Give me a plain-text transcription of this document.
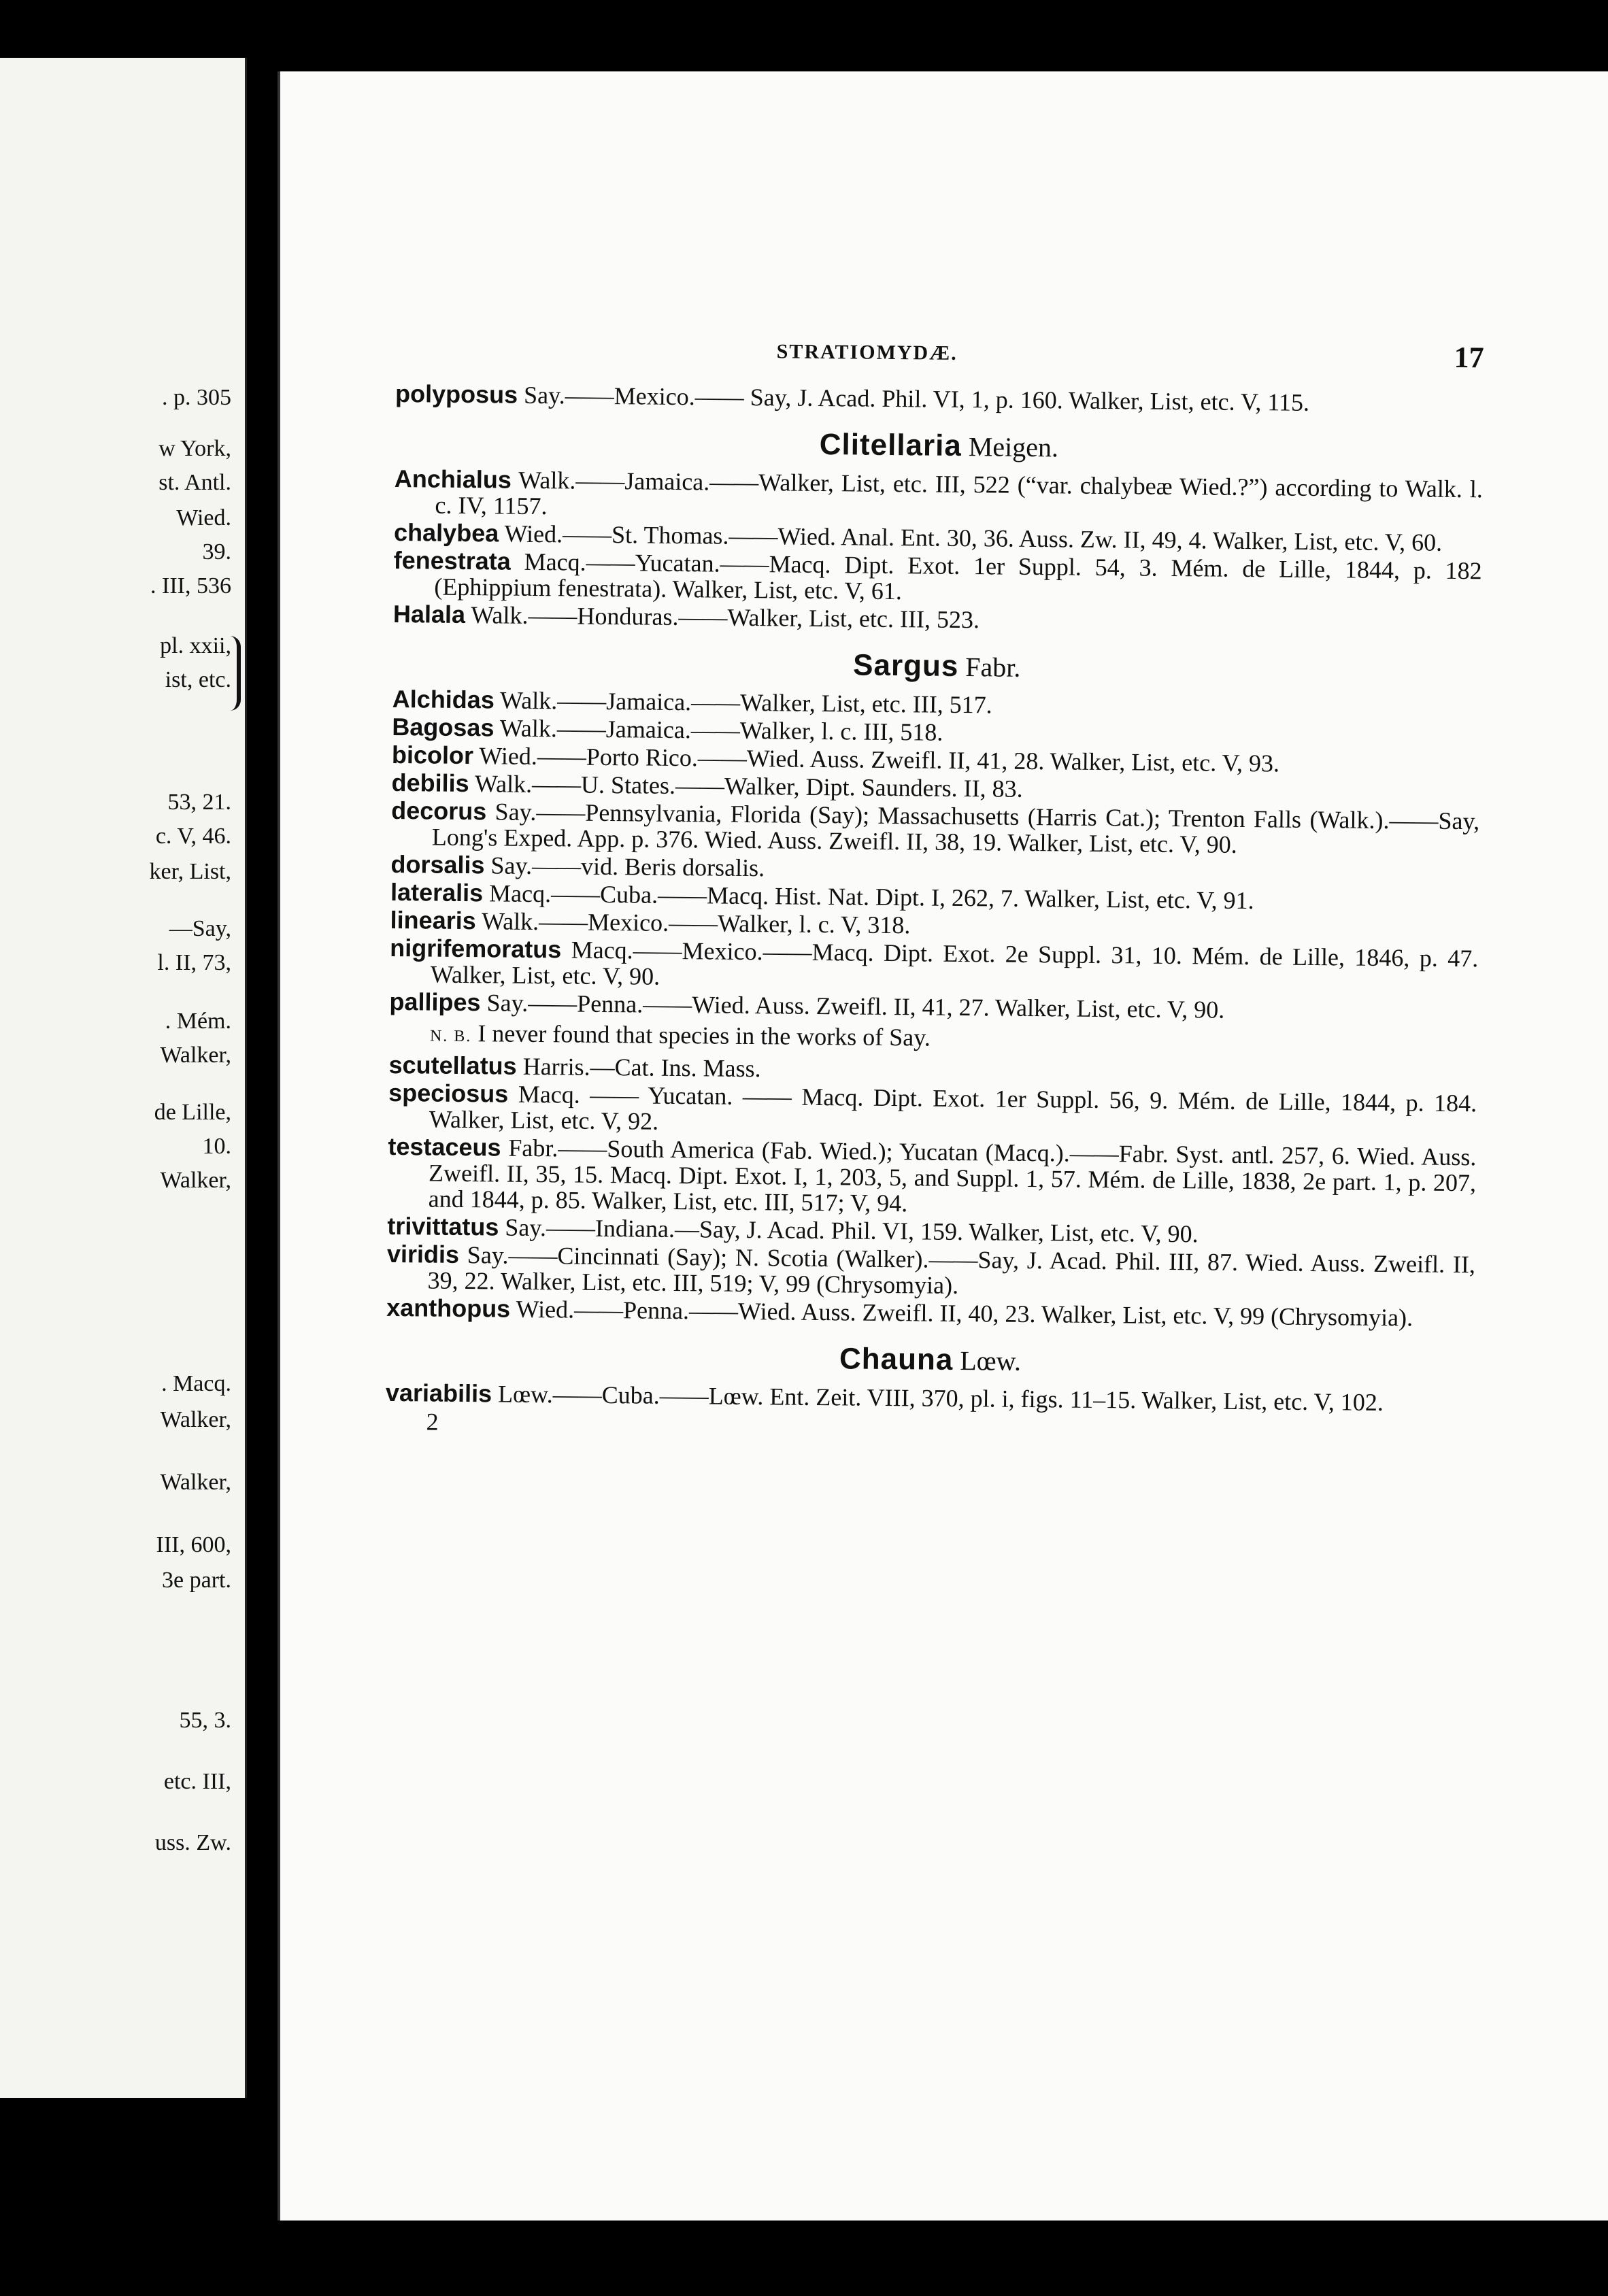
. p. 305
w York,
st. Antl.
Wied.
39.
. III, 536
pl. xxii,
ist, etc.
53, 21.
c. V, 46.
ker, List,
—Say,
l. II, 73,
. Mém.
Walker,
de Lille,
10.
Walker,
. Macq.
Walker,
Walker,
III, 600,
3e part.
55, 3.
etc. III,
uss. Zw.
STRATIOMYDÆ.	17
polyposus Say.——Mexico.—— Say, J. Acad. Phil. VI, 1, p. 160. Walker, List, etc. V, 115.
Clitellaria Meigen.
Anchialus Walk.——Jamaica.——Walker, List, etc. III, 522 (“var. chalybeæ Wied.?”) according to Walk. l. c. IV, 1157.
chalybea Wied.——St. Thomas.——Wied. Anal. Ent. 30, 36. Auss. Zw. II, 49, 4. Walker, List, etc. V, 60.
fenestrata Macq.——Yucatan.——Macq. Dipt. Exot. 1er Suppl. 54, 3. Mém. de Lille, 1844, p. 182 (Ephippium fenestrata). Walker, List, etc. V, 61.
Halala Walk.——Honduras.——Walker, List, etc. III, 523.
Sargus Fabr.
Alchidas Walk.——Jamaica.——Walker, List, etc. III, 517.
Bagosas Walk.——Jamaica.——Walker, l. c. III, 518.
bicolor Wied.——Porto Rico.——Wied. Auss. Zweifl. II, 41, 28. Walker, List, etc. V, 93.
debilis Walk.——U. States.——Walker, Dipt. Saunders. II, 83.
decorus Say.——Pennsylvania, Florida (Say); Massachusetts (Harris Cat.); Trenton Falls (Walk.).——Say, Long's Exped. App. p. 376. Wied. Auss. Zweifl. II, 38, 19. Walker, List, etc. V, 90.
dorsalis Say.——vid. Beris dorsalis.
lateralis Macq.——Cuba.——Macq. Hist. Nat. Dipt. I, 262, 7. Walker, List, etc. V, 91.
linearis Walk.——Mexico.——Walker, l. c. V, 318.
nigrifemoratus Macq.——Mexico.——Macq. Dipt. Exot. 2e Suppl. 31, 10. Mém. de Lille, 1846, p. 47. Walker, List, etc. V, 90.
pallipes Say.——Penna.——Wied. Auss. Zweifl. II, 41, 27. Walker, List, etc. V, 90.
N. B. I never found that species in the works of Say.
scutellatus Harris.—Cat. Ins. Mass.
speciosus Macq. —— Yucatan. —— Macq. Dipt. Exot. 1er Suppl. 56, 9. Mém. de Lille, 1844, p. 184. Walker, List, etc. V, 92.
testaceus Fabr.——South America (Fab. Wied.); Yucatan (Macq.).——Fabr. Syst. antl. 257, 6. Wied. Auss. Zweifl. II, 35, 15. Macq. Dipt. Exot. I, 1, 203, 5, and Suppl. 1, 57. Mém. de Lille, 1838, 2e part. 1, p. 207, and 1844, p. 85. Walker, List, etc. III, 517; V, 94.
trivittatus Say.——Indiana.—Say, J. Acad. Phil. VI, 159. Walker, List, etc. V, 90.
viridis Say.——Cincinnati (Say); N. Scotia (Walker).——Say, J. Acad. Phil. III, 87. Wied. Auss. Zweifl. II, 39, 22. Walker, List, etc. III, 519; V, 99 (Chrysomyia).
xanthopus Wied.——Penna.——Wied. Auss. Zweifl. II, 40, 23. Walker, List, etc. V, 99 (Chrysomyia).
Chauna Lœw.
variabilis Lœw.——Cuba.——Lœw. Ent. Zeit. VIII, 370, pl. i, figs. 11–15. Walker, List, etc. V, 102.
2
